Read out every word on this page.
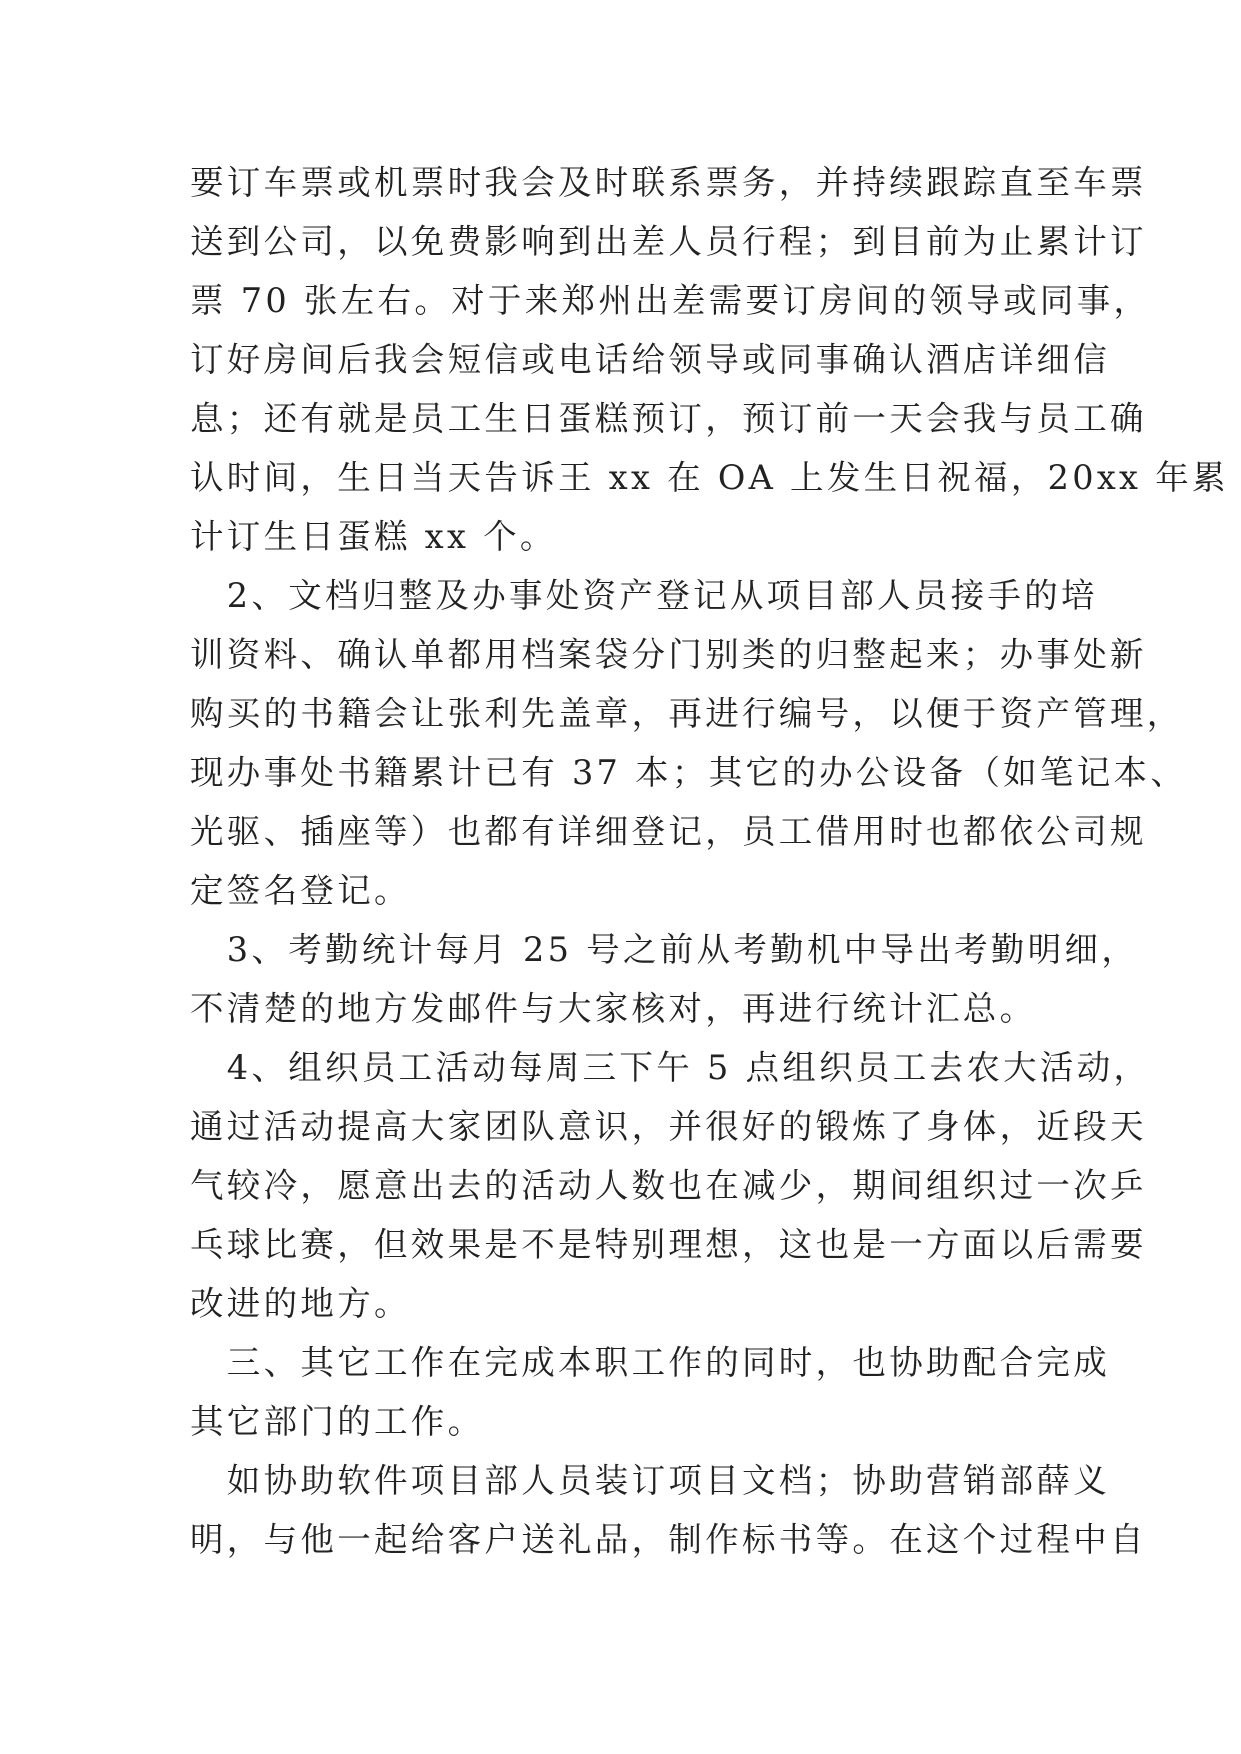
要订车票或机票时我会及时联系票务，并持续跟踪直至车票
送到公司，以免费影响到出差人员行程；到目前为止累计订
票 70 张左右。对于来郑州出差需要订房间的领导或同事，
订好房间后我会短信或电话给领导或同事确认酒店详细信
息；还有就是员工生日蛋糕预订，预订前一天会我与员工确
认时间，生日当天告诉王 xx 在 OA 上发生日祝福，20xx 年累
计订生日蛋糕 xx 个。
　2、文档归整及办事处资产登记从项目部人员接手的培
训资料、确认单都用档案袋分门别类的归整起来；办事处新
购买的书籍会让张利先盖章，再进行编号，以便于资产管理，
现办事处书籍累计已有 37 本；其它的办公设备（如笔记本、
光驱、插座等）也都有详细登记，员工借用时也都依公司规
定签名登记。
　3、考勤统计每月 25 号之前从考勤机中导出考勤明细，
不清楚的地方发邮件与大家核对，再进行统计汇总。
　4、组织员工活动每周三下午 5 点组织员工去农大活动，
通过活动提高大家团队意识，并很好的锻炼了身体，近段天
气较冷，愿意出去的活动人数也在减少，期间组织过一次乒
乓球比赛，但效果是不是特别理想，这也是一方面以后需要
改进的地方。
　三、其它工作在完成本职工作的同时，也协助配合完成
其它部门的工作。
　如协助软件项目部人员装订项目文档；协助营销部薛义
明，与他一起给客户送礼品，制作标书等。在这个过程中自
